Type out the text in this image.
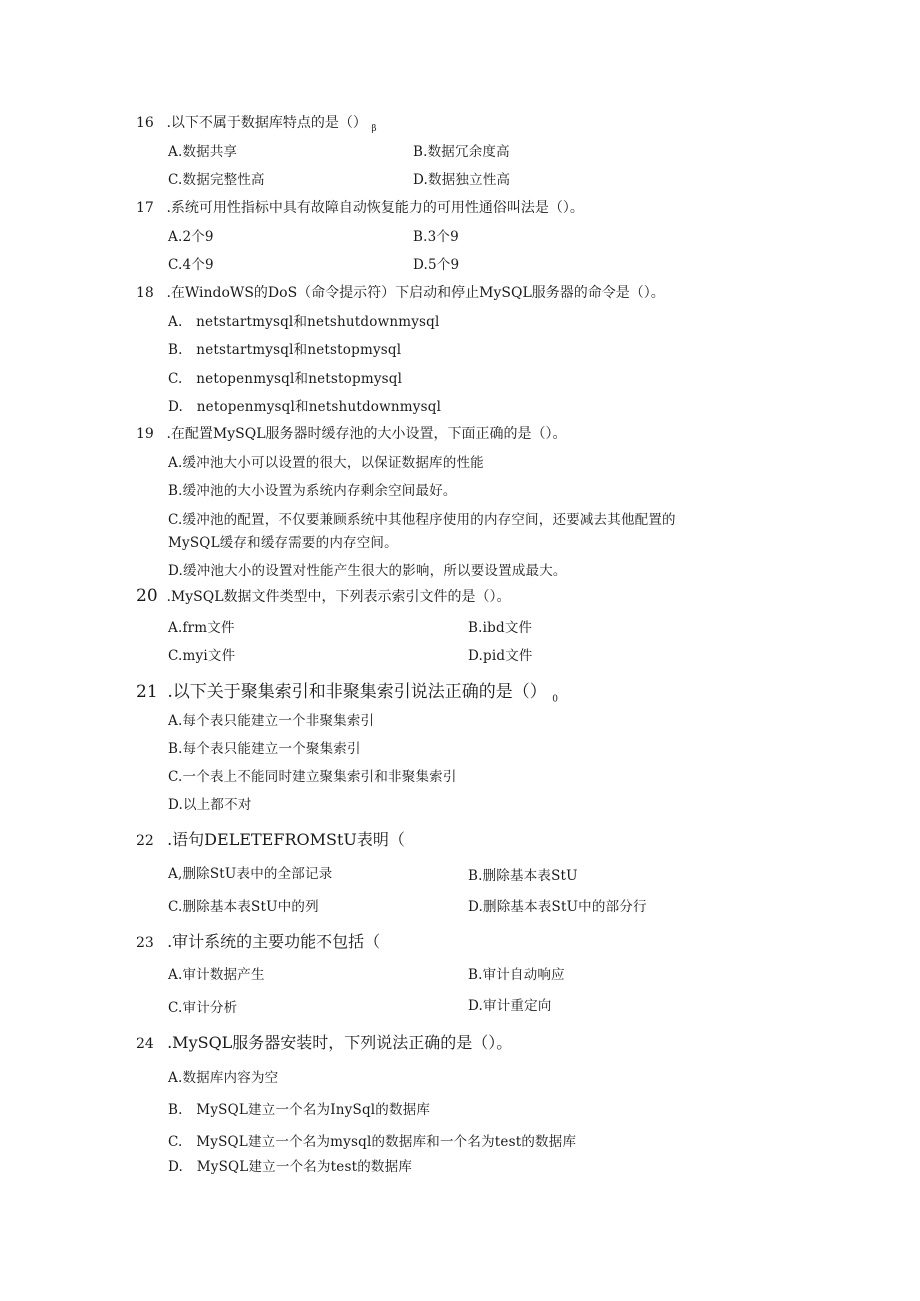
16 .以下不属于数据库特点的是（） $_\beta$
A.数据共享	B.数据冗余度高
C.数据完整性高	D.数据独立性高
17 .系统可用性指标中具有故障自动恢复能力的可用性通俗叫法是（）。
A.2个9	B.3个9
C.4个9	D.5个9
18 .在WindoWS的DoS（命令提示符）下启动和停止MySQL服务器的命令是（）。
A.　netstartmysql和netshutdownmysql
B.　netstartmysql和netstopmysql
C.　netopenmysql和netstopmysql
D.　netopenmysql和netshutdownmysql
19 .在配置MySQL服务器时缓存池的大小设置，下面正确的是（）。
A.缓冲池大小可以设置的很大，以保证数据库的性能
B.缓冲池的大小设置为系统内存剩余空间最好。
C.缓冲池的配置，不仅要兼顾系统中其他程序使用的内存空间，还要减去其他配置的
MySQL缓存和缓存需要的内存空间。
D.缓冲池大小的设置对性能产生很大的影响，所以要设置成最大。
20 .MySQL数据文件类型中，下列表示索引文件的是（）。
A.frm文件	B.ibd文件
C.myi文件	D.pid文件
21 .以下关于聚集索引和非聚集索引说法正确的是（） $_0$
A.每个表只能建立一个非聚集索引
B.每个表只能建立一个聚集索引
C.一个表上不能同时建立聚集索引和非聚集索引
D.以上都不对
22 .语句DELETEFROMStU表明（
A,删除StU表中的全部记录	B.删除基本表StU
C.删除基本表StU中的列	D.删除基本表StU中的部分行
23 .审计系统的主要功能不包括（
A.审计数据产生	B.审计自动响应
C.审计分析	D.审计重定向
24 .MySQL服务器安装时，下列说法正确的是（）。
A.数据库内容为空
B.　MySQL建立一个名为InySql的数据库
C.　MySQL建立一个名为mysql的数据库和一个名为test的数据库
D.　MySQL建立一个名为test的数据库
